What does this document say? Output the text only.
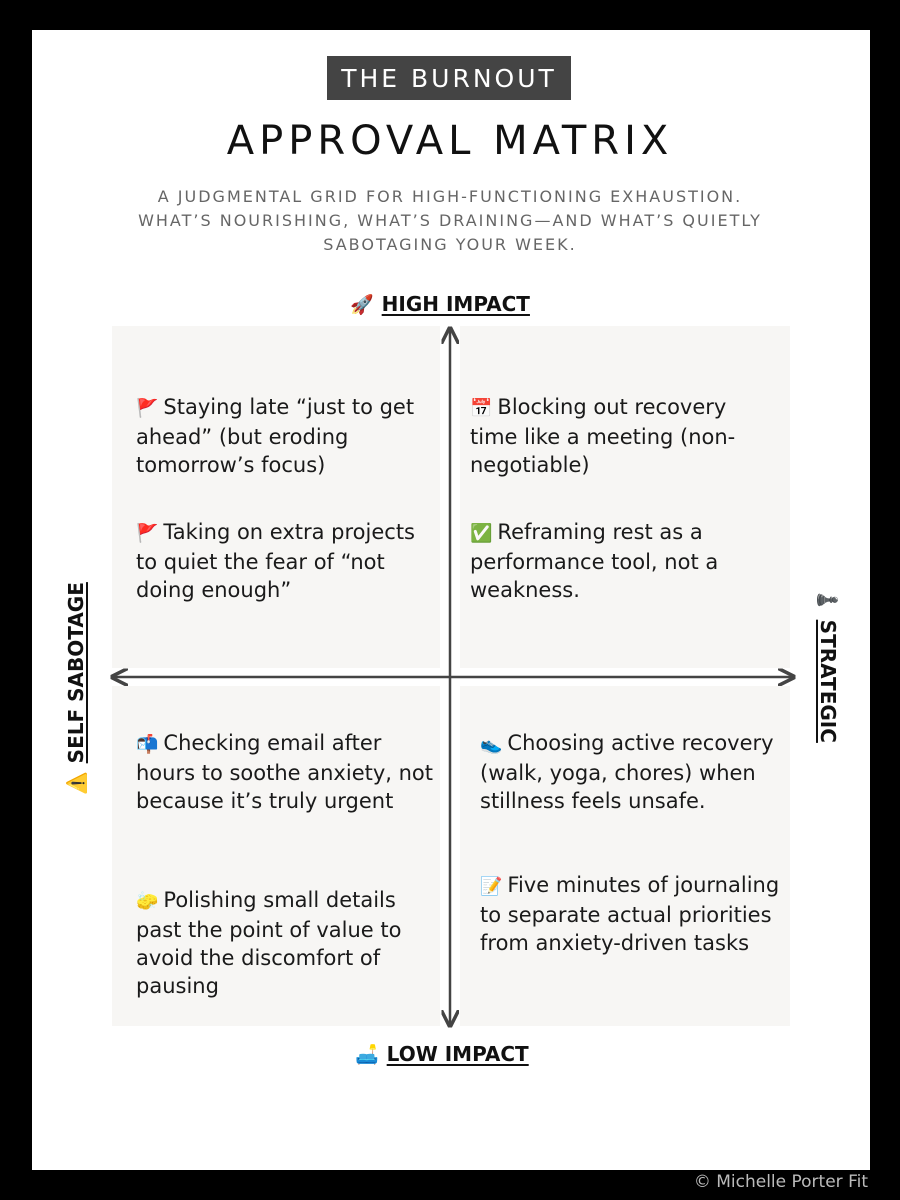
THE BURNOUT
APPROVAL MATRIX
A JUDGMENTAL GRID FOR HIGH-FUNCTIONING EXHAUSTION. WHAT’S NOURISHING, WHAT’S DRAINING—AND WHAT’S QUIETLY SABOTAGING YOUR WEEK.
🚀 HIGH IMPACT
🛋️ LOW IMPACT
⚠️
SELF SABOTAGE	♟️
STRATEGIC
🚩 Staying late “just to get ahead” (but eroding tomorrow’s focus)
🚩 Taking on extra projects to quiet the fear of “not doing enough”
📅 Blocking out recovery time like a meeting (non-negotiable)
✅ Reframing rest as a performance tool, not a weakness.
📬 Checking email after hours to soothe anxiety, not because it’s truly urgent
🧽 Polishing small details past the point of value to avoid the discomfort of pausing
👟 Choosing active recovery (walk, yoga, chores) when stillness feels unsafe.
📝 Five minutes of journaling to separate actual priorities from anxiety-driven tasks
© Michelle Porter Fit
